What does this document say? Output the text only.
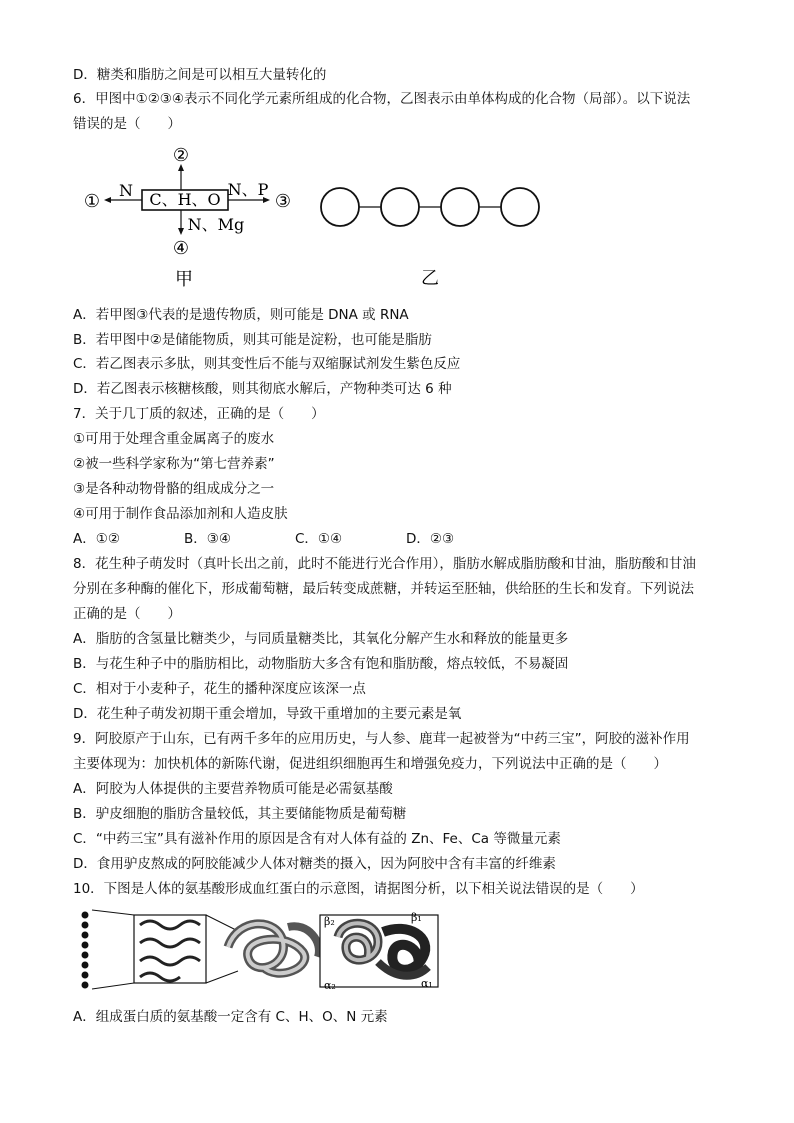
D．糖类和脂肪之间是可以相互大量转化的
6．甲图中①②③④表示不同化学元素所组成的化合物，乙图表示由单体构成的化合物（局部）。以下说法
错误的是（　　）
C、H、O
②
N
①
N、P
③
N、Mg
④
甲	乙
A．若甲图③代表的是遗传物质，则可能是 DNA 或 RNA
B．若甲图中②是储能物质，则其可能是淀粉，也可能是脂肪
C．若乙图表示多肽，则其变性后不能与双缩脲试剂发生紫色反应
D．若乙图表示核糖核酸，则其彻底水解后，产物种类可达 6 种
7．关于几丁质的叙述，正确的是（　　）
①可用于处理含重金属离子的废水
②被一些科学家称为“第七营养素”
③是各种动物骨骼的组成成分之一
④可用于制作食品添加剂和人造皮肤
A．①②	B．③④	C．①④	D．②③
8．花生种子萌发时（真叶长出之前，此时不能进行光合作用），脂肪水解成脂肪酸和甘油，脂肪酸和甘油
分别在多种酶的催化下，形成葡萄糖，最后转变成蔗糖，并转运至胚轴，供给胚的生长和发育。下列说法
正确的是（　　）
A．脂肪的含氢量比糖类少，与同质量糖类比，其氧化分解产生水和释放的能量更多
B．与花生种子中的脂肪相比，动物脂肪大多含有饱和脂肪酸，熔点较低，不易凝固
C．相对于小麦种子，花生的播种深度应该深一点
D．花生种子萌发初期干重会增加，导致干重增加的主要元素是氧
9．阿胶原产于山东，已有两千多年的应用历史，与人参、鹿茸一起被誉为“中药三宝”，阿胶的滋补作用
主要体现为：加快机体的新陈代谢，促进组织细胞再生和增强免疫力，下列说法中正确的是（　　）
A．阿胶为人体提供的主要营养物质可能是必需氨基酸
B．驴皮细胞的脂肪含量较低，其主要储能物质是葡萄糖
C．“中药三宝”具有滋补作用的原因是含有对人体有益的 Zn、Fe、Ca 等微量元素
D．食用驴皮熬成的阿胶能减少人体对糖类的摄入，因为阿胶中含有丰富的纤维素
10．下图是人体的氨基酸形成血红蛋白的示意图，请据图分析，以下相关说法错误的是（　　）
β₂	β₁
α₂	α₁
A．组成蛋白质的氨基酸一定含有 C、H、O、N 元素
